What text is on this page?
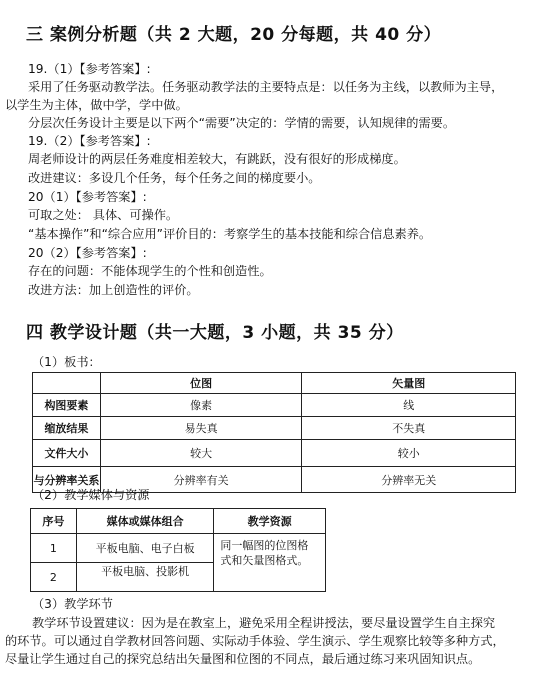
三 案例分析题（共 2 大题，20 分每题，共 40 分）
19.（1）【参考答案】:
采用了任务驱动教学法。任务驱动教学法的主要特点是：以任务为主线，以教师为主导，
以学生为主体，做中学，学中做。
分层次任务设计主要是以下两个“需要”决定的：学情的需要，认知规律的需要。
19.（2）【参考答案】:
周老师设计的两层任务难度相差较大，有跳跃，没有很好的形成梯度。
改进建议：多设几个任务，每个任务之间的梯度要小。
20（1）【参考答案】:
可取之处： 具体、可操作。
“基本操作”和“综合应用”评价目的：考察学生的基本技能和综合信息素养。
20（2）【参考答案】:
存在的问题：不能体现学生的个性和创造性。
改进方法：加上创造性的评价。
四 教学设计题（共一大题，3 小题，共 35 分）
（1）板书：
	位图	矢量图
构图要素	像素	线
缩放结果	易失真	不失真
文件大小	较大	较小
与分辨率关系	分辨率有关	分辨率无关
（2）教学媒体与资源
序号	媒体或媒体组合	教学资源
1	平板电脑、电子白板	同一幅图的位图格式和矢量图格式。
2	平板电脑、投影机	
（3）教学环节
教学环节设置建议：因为是在教室上，避免采用全程讲授法，要尽量设置学生自主探究
的环节。可以通过自学教材回答问题、实际动手体验、学生演示、学生观察比较等多种方式，
尽量让学生通过自己的探究总结出矢量图和位图的不同点，最后通过练习来巩固知识点。
